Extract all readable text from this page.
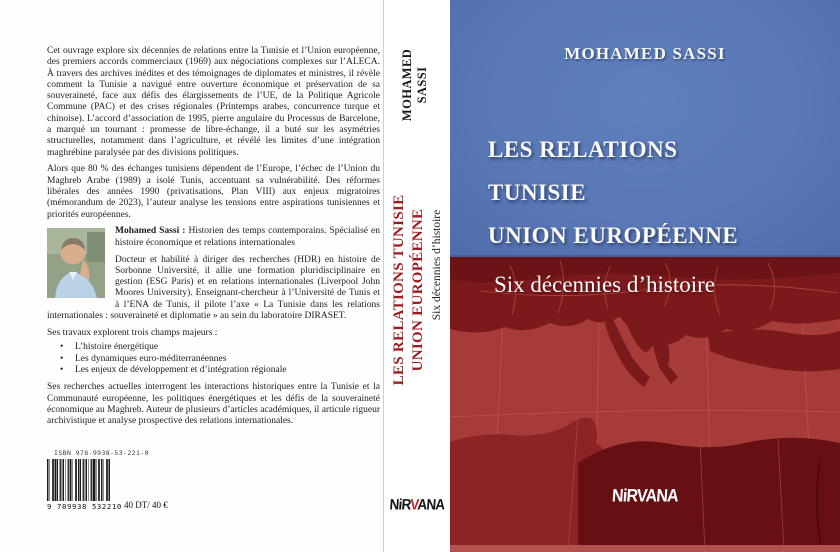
Cet ouvrage explore six décennies de relations entre la Tunisie et l’Union européenne, des premiers accords commerciaux (1969) aux négociations complexes sur l’ALECA. À travers des archives inédites et des témoignages de diplomates et ministres, il révèle comment la Tunisie a navigué entre ouverture économique et préservation de sa souveraineté, face aux défis des élargissements de l’UE, de la Politique Agricole Commune (PAC) et des crises régionales (Printemps arabes, concurrence turque et chinoise). L’accord d’association de 1995, pierre angulaire du Processus de Barcelone, a marqué un tournant : promesse de libre-échange, il a buté sur les asymétries structurelles, notamment dans l’agriculture, et révélé les limites d’une intégration maghrébine paralysée par des divisions politiques.

Alors que 80 % des échanges tunisiens dépendent de l’Europe, l’échec de l’Union du Maghreb Arabe (1989) a isolé Tunis, accentuant sa vulnérabilité. Des réformes libérales des années 1990 (privatisations, Plan VIII) aux enjeux migratoires (mémorandum de 2023), l’auteur analyse les tensions entre aspirations tunisiennes et priorités européennes.

Mohamed Sassi : Historien des temps contemporains. Spécialisé en histoire économique et relations internationales

Docteur et habilité à diriger des recherches (HDR) en histoire de Sorbonne Université, il allie une formation pluridisciplinaire en gestion (ESG Paris) et en relations internationales (Liverpool John Moores University). Enseignant-chercheur à l’Université de Tunis et à l’ENA de Tunis, il pilote l’axe « La Tunisie dans les relations internationales : souveraineté et diplomatie » au sein du laboratoire DIRASET.

Ses travaux explorent trois champs majeurs :

• L’histoire énergétique
• Les dynamiques euro-méditerranéennes
• Les enjeux de développement et d’intégration régionale

Ses recherches actuelles interrogent les interactions historiques entre la Tunisie et la Communauté européenne, les politiques énergétiques et les défis de la souveraineté économique au Maghreb. Auteur de plusieurs d’articles académiques, il articule rigueur archivistique et analyse prospective des relations internationales.

ISBN 978-9938-53-221-0
9 789938 532210 40 DT/ 40 €
MOHAMED SASSI
LES RELATIONS TUNISIE UNION EUROPÉENNE Six décennies d’histoire
NiRVANA
MOHAMED SASSI
LES RELATIONS
TUNISIE
UNION EUROPÉENNE
Six décennies d’histoire
NiRVANA
